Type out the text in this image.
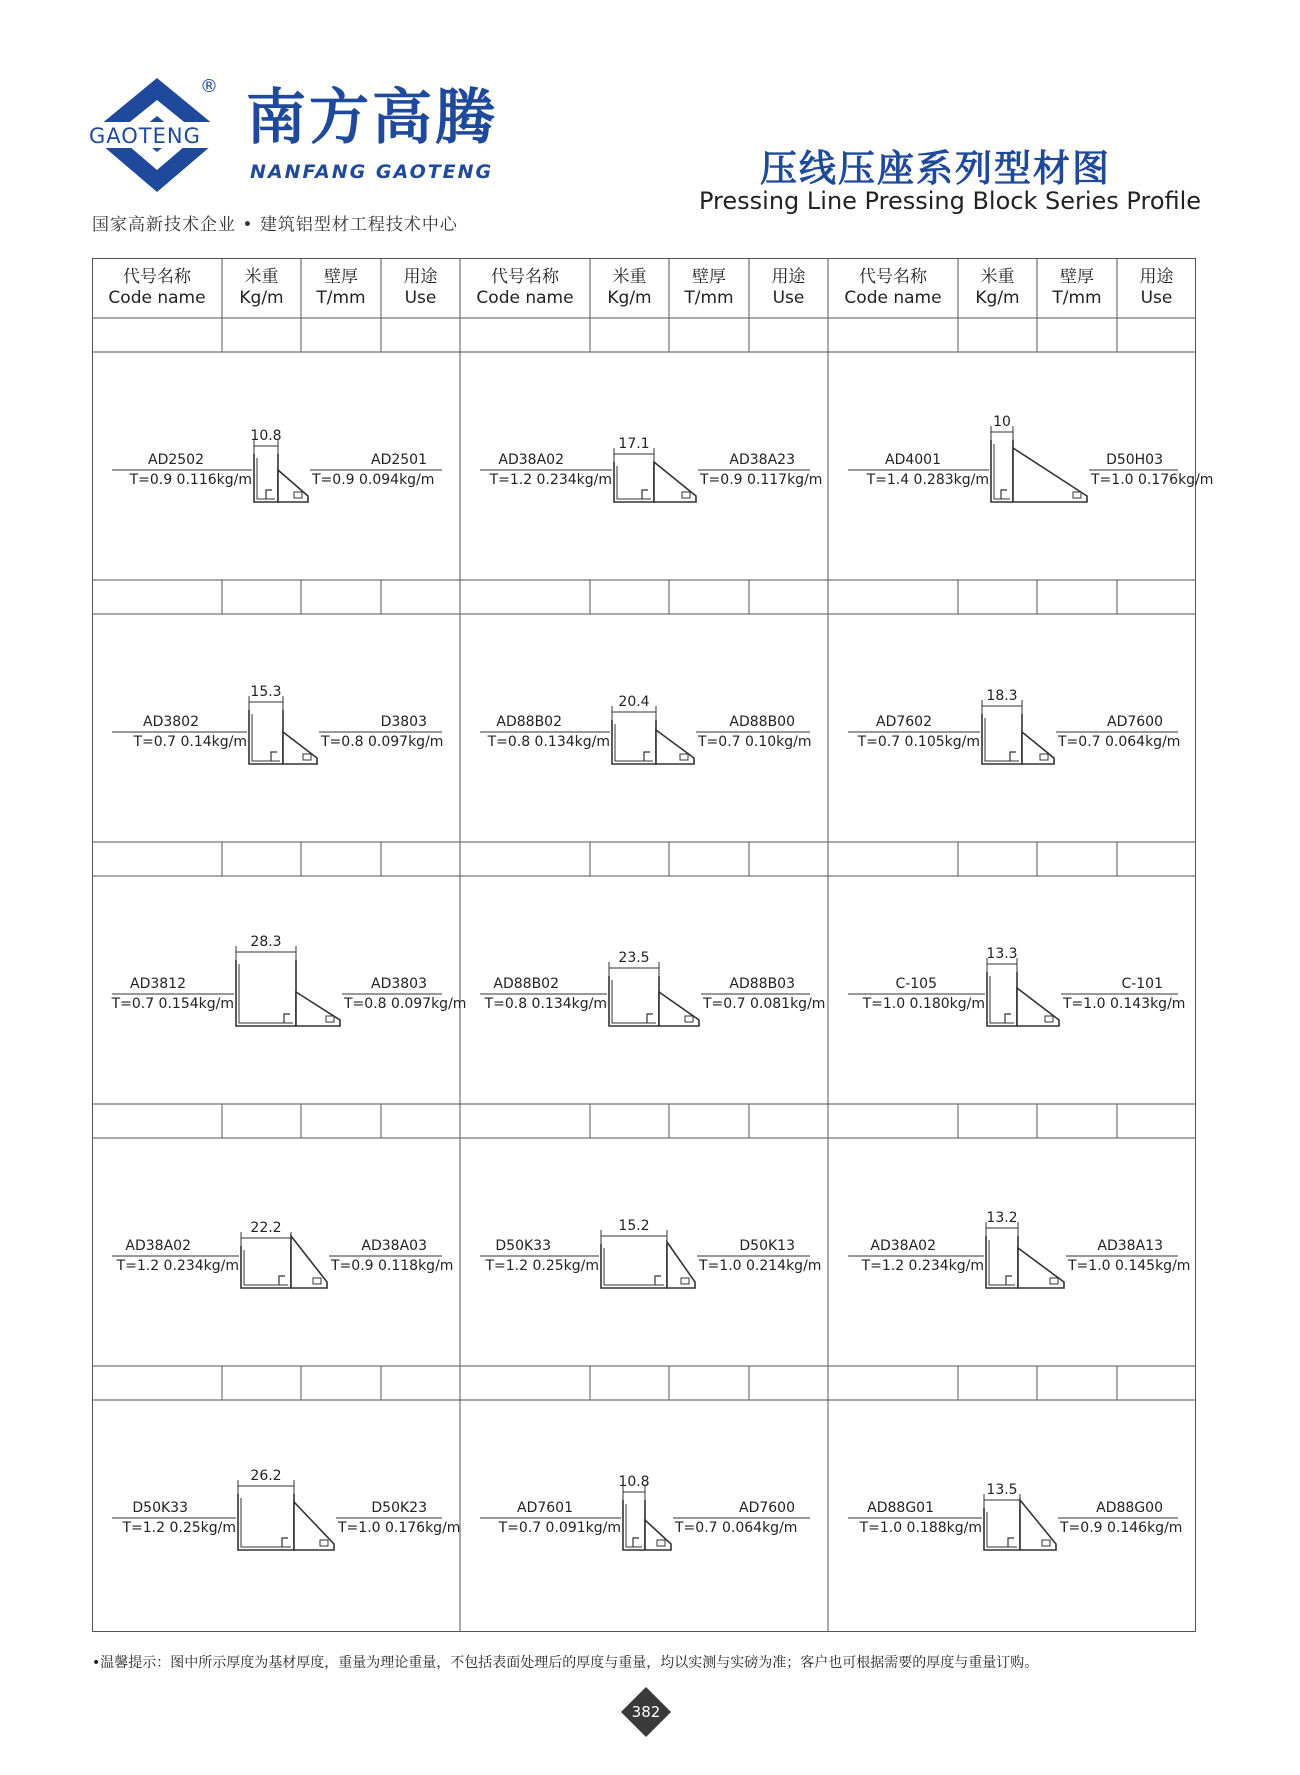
GAOTENG
® 南方高腾
NANFANG GAOTENG
国家高新技术企业 • 建筑铝型材工程技术中心
压线压座系列型材图
Pressing Line Pressing Block Series Profile
代号名称
Code name
米重
Kg/m
壁厚
T/mm
用途
Use
代号名称
Code name
米重
Kg/m
壁厚
T/mm
用途
Use
代号名称
Code name
米重
Kg/m
壁厚
T/mm
用途
Use
10.8
AD2502
T=0.9 0.116kg/m
AD2501
T=0.9 0.094kg/m
17.1
AD38A02
T=1.2 0.234kg/m
AD38A23
T=0.9 0.117kg/m
10
AD4001
T=1.4 0.283kg/m
D50H03
T=1.0 0.176kg/m
15.3
AD3802
T=0.7 0.14kg/m
D3803
T=0.8 0.097kg/m
20.4
AD88B02
T=0.8 0.134kg/m
AD88B00
T=0.7 0.10kg/m
18.3
AD7602
T=0.7 0.105kg/m
AD7600
T=0.7 0.064kg/m
28.3
AD3812
T=0.7 0.154kg/m
AD3803
T=0.8 0.097kg/m
23.5
AD88B02
T=0.8 0.134kg/m
AD88B03
T=0.7 0.081kg/m
13.3
C-105
T=1.0 0.180kg/m
C-101
T=1.0 0.143kg/m
22.2
AD38A02
T=1.2 0.234kg/m
AD38A03
T=0.9 0.118kg/m
15.2
D50K33
T=1.2 0.25kg/m
D50K13
T=1.0 0.214kg/m
13.2
AD38A02
T=1.2 0.234kg/m
AD38A13
T=1.0 0.145kg/m
26.2
D50K33
T=1.2 0.25kg/m
D50K23
T=1.0 0.176kg/m
10.8
AD7601
T=0.7 0.091kg/m
AD7600
T=0.7 0.064kg/m
13.5
AD88G01
T=1.0 0.188kg/m
AD88G00
T=0.9 0.146kg/m
•温馨提示：图中所示厚度为基材厚度，重量为理论重量，不包括表面处理后的厚度与重量，均以实测与实磅为准；客户也可根据需要的厚度与重量订购。
382
